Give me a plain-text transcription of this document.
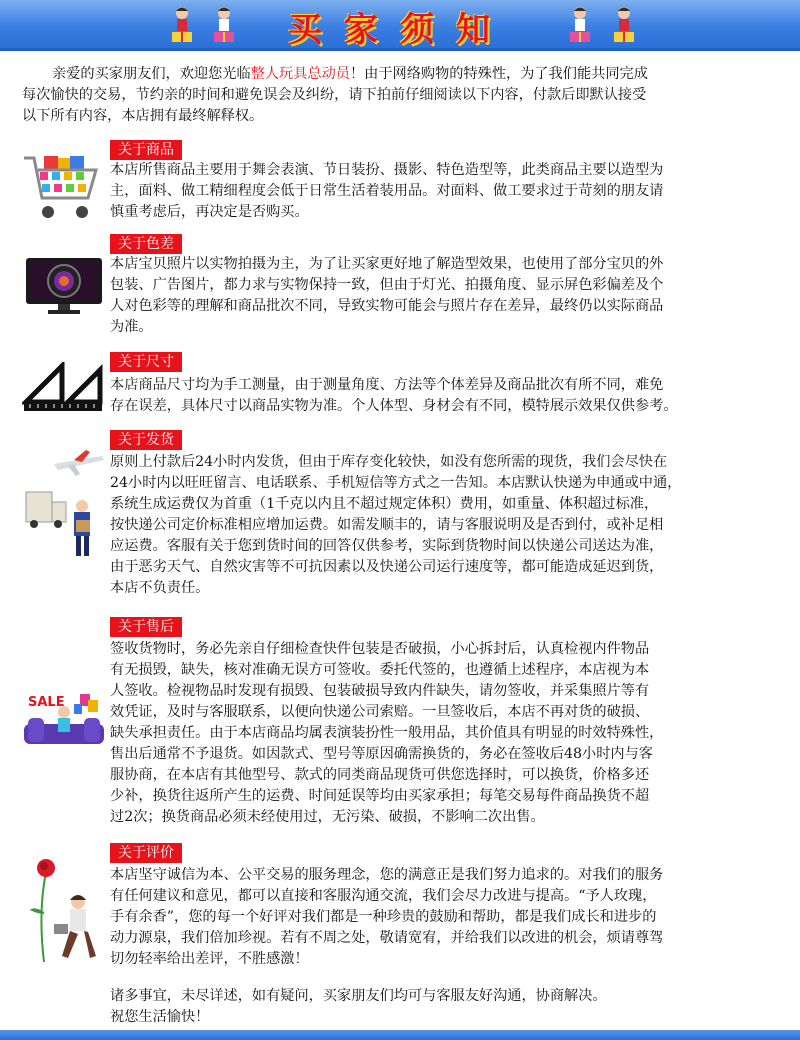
买家须知
亲爱的买家朋友们，欢迎您光临整人玩具总动员！由于网络购物的特殊性，为了我们能共同完成
每次愉快的交易，节约亲的时间和避免误会及纠纷，请下拍前仔细阅读以下内容，付款后即默认接受
以下所有内容，本店拥有最终解释权。
关于商品
本店所售商品主要用于舞会表演、节日装扮、摄影、特色造型等，此类商品主要以造型为
主，面料、做工精细程度会低于日常生活着装用品。对面料、做工要求过于苛刻的朋友请
慎重考虑后，再决定是否购买。
关于色差
本店宝贝照片以实物拍摄为主，为了让买家更好地了解造型效果，也使用了部分宝贝的外
包装、广告图片，都力求与实物保持一致，但由于灯光、拍摄角度、显示屏色彩偏差及个
人对色彩等的理解和商品批次不同，导致实物可能会与照片存在差异，最终仍以实际商品
为准。
关于尺寸
本店商品尺寸均为手工测量，由于测量角度、方法等个体差异及商品批次有所不同，难免
存在误差，具体尺寸以商品实物为准。个人体型、身材会有不同，模特展示效果仅供参考。
关于发货
原则上付款后24小时内发货，但由于库存变化较快，如没有您所需的现货，我们会尽快在
24小时内以旺旺留言、电话联系、手机短信等方式之一告知。本店默认快递为申通或中通，
系统生成运费仅为首重（1千克以内且不超过规定体积）费用，如重量、体积超过标准，
按快递公司定价标准相应增加运费。如需发顺丰的，请与客服说明及是否到付，或补足相
应运费。客服有关于您到货时间的回答仅供参考，实际到货物时间以快递公司送达为准，
由于恶劣天气、自然灾害等不可抗因素以及快递公司运行速度等，都可能造成延迟到货，
本店不负责任。
SALE
关于售后
签收货物时，务必先亲自仔细检查快件包装是否破损，小心拆封后，认真检视内件物品
有无损毁，缺失，核对准确无误方可签收。委托代签的，也遵循上述程序，本店视为本
人签收。检视物品时发现有损毁、包装破损导致内件缺失，请勿签收，并采集照片等有
效凭证，及时与客服联系，以便向快递公司索赔。一旦签收后，本店不再对货的破损、
缺失承担责任。由于本店商品均属表演装扮性一般用品，其价值具有明显的时效特殊性，
售出后通常不予退货。如因款式、型号等原因确需换货的，务必在签收后48小时内与客
服协商，在本店有其他型号、款式的同类商品现货可供您选择时，可以换货，价格多还
少补，换货往返所产生的运费、时间延误等均由买家承担；每笔交易每件商品换货不超
过2次；换货商品必须未经使用过，无污染、破损，不影响二次出售。
关于评价
本店坚守诚信为本、公平交易的服务理念，您的满意正是我们努力追求的。对我们的服务
有任何建议和意见，都可以直接和客服沟通交流，我们会尽力改进与提高。“予人玫瑰，
手有余香”，您的每一个好评对我们都是一种珍贵的鼓励和帮助，都是我们成长和进步的
动力源泉，我们倍加珍视。若有不周之处，敬请宽宥，并给我们以改进的机会，烦请尊驾
切勿轻率给出差评，不胜感激！
诸多事宜，未尽详述，如有疑问，买家朋友们均可与客服友好沟通，协商解决。
祝您生活愉快！
